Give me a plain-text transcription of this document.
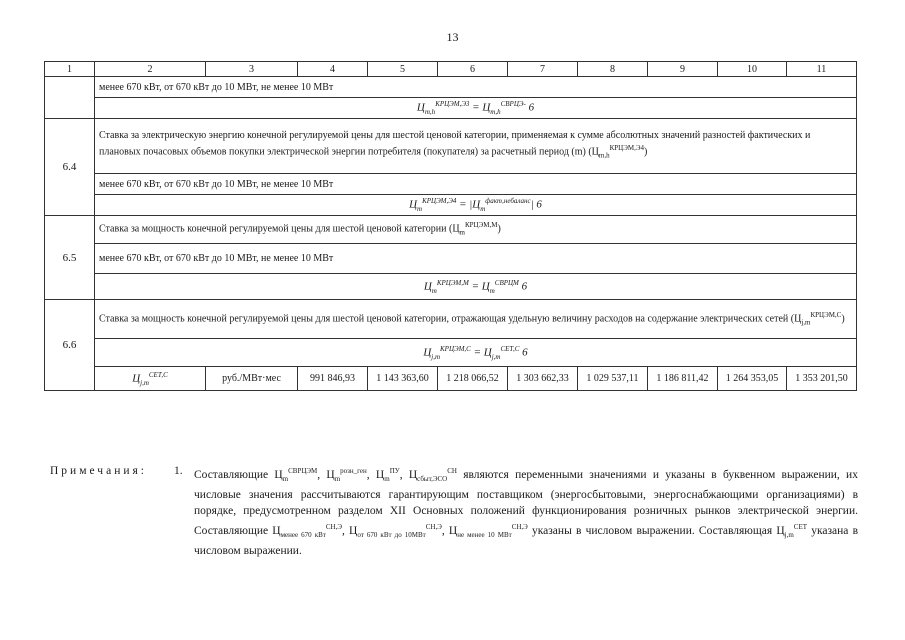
13
1	2	3	4	5	6	7	8	9	10	11
	менее 670 кВт, от 670 кВт до 10 МВт, не менее 10 МВт									
	$Ц_{m,h}^{КРЦЭМ,Э3} = Ц_{m,h}^{СВРЦЭ-}$ 6									
6.4	Ставка за электрическую энергию конечной регулируемой цены для шестой ценовой категории, применяемая к сумме абсолютных значений разностей фактических и плановых почасовых объемов покупки электрической энергии потребителя (покупателя) за расчетный период (m) $(Ц_{m,h}^{КРЦЭМ,Э4})$									
	менее 670 кВт, от 670 кВт до 10 МВт, не менее 10 МВт									
	$Ц_m^{КРЦЭМ,Э4} = |Ц_m^{факт,небаланс}|$ 6									
6.5	Ставка за мощность конечной регулируемой цены для шестой ценовой категории $(Ц_m^{КРЦЭМ,М})$									
	менее 670 кВт, от 670 кВт до 10 МВт, не менее 10 МВт									
	$Ц_m^{КРЦЭМ,М} = Ц_m^{СВРЦМ}$ 6									
6.6	Ставка за мощность конечной регулируемой цены для шестой ценовой категории, отражающая удельную величину расходов на содержание электрических сетей $(Ц_{j,m}^{КРЦЭМ,С})$									
	$Ц_{j,m}^{КРЦЭМ,С} = Ц_{j,m}^{СЕТ,С}$ 6									
	$Ц_{j,m}^{СЕТ,С}$	руб./МВт·мес	991 846,93	1 143 363,60	1 218 066,52	1 303 662,33	1 029 537,11	1 186 811,42	1 264 353,05	1 353 201,50
Примечания: 1. Составляющие $Ц_m^{СВРЦЭМ}$, $Ц_m^{розн\_ген}$, $Ц_m^{ПУ}$, $Ц_{сбыт,ЭСО}^{СН}$ являются переменными значениями и указаны в буквенном выражении, их числовые значения рассчитываются гарантирующим поставщиком (энергосбытовыми, энергоснабжающими организациями) в порядке, предусмотренном разделом XII Основных положений функционирования розничных рынков электрической энергии. Составляющие $Ц_{менее 670 кВт}^{СН,Э}$, $Ц_{от 670 кВт до 10МВт}^{СН,Э}$, $Ц_{не менее 10 МВт}^{СН,Э}$ указаны в числовом выражении. Составляющая $Ц_{j,m}^{СЕТ}$ указана в числовом выражении.
